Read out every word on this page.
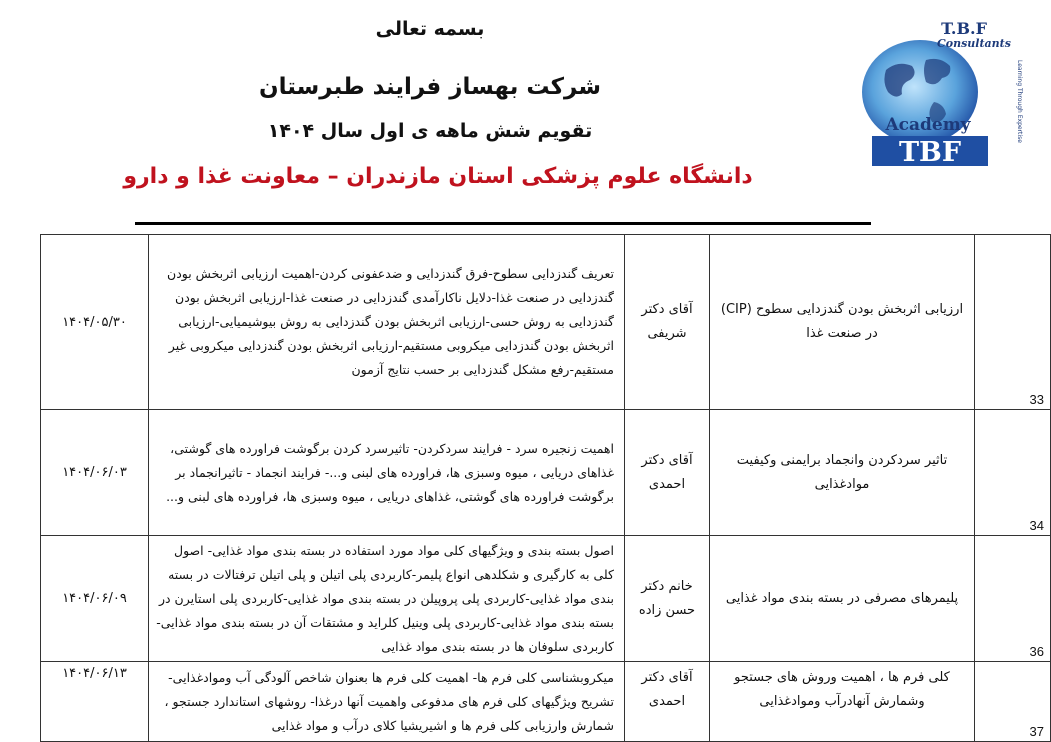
بسمه تعالی
شرکت بهساز فرایند طبرستان
تقویم شش ماهه ی اول سال ۱۴۰۴
دانشگاه علوم پزشکی استان مازندران – معاونت غذا و دارو
T.B.F
Consultants
Learning Through Expertise
Academy
TBF
۱۴۰۴/۰۵/۳۰	تعریف گندزدایی سطوح-فرق گندزدایی و ضدعفونی کردن-اهمیت ارزیابی اثربخش بودن گندزدایی در صنعت غذا-دلایل ناکارآمدی گندزدایی در صنعت غذا-ارزیابی اثربخش بودن گندزدایی به روش حسی-ارزیابی اثربخش بودن گندزدایی به روش بیوشیمیایی-ارزیابی اثربخش بودن گندزدایی میکروبی مستقیم-ارزیابی اثربخش بودن گندزدایی میکروبی غیر مستقیم-رفع مشکل گندزدایی بر حسب نتایج آزمون	آقای دکتر شریفی	ارزیابی اثربخش بودن گندزدایی سطوح (CIP) در صنعت غذا	33
۱۴۰۴/۰۶/۰۳	اهمیت زنجیره سرد - فرایند سردکردن- تاثیرسرد کردن برگوشت فراورده های گوشتی، غذاهای دریایی ، میوه وسبزی ها، فراورده های لبنی و...- فرایند انجماد - تاثیرانجماد بر برگوشت فراورده های گوشتی، غذاهای دریایی ، میوه وسبزی ها، فراورده های لبنی و...	آقای دکتر احمدی	تاثیر سردکردن وانجماد برایمنی وکیفیت موادغذایی	34
۱۴۰۴/۰۶/۰۹	اصول بسته بندی و ویژگیهای کلی مواد مورد استفاده در بسته بندی مواد غذایی- اصول کلی به کارگیری و شکلدهی انواع پلیمر-کاربردی پلی اتیلن و پلی اتیلن ترفتالات در بسته بندی مواد غذایی-کاربردی پلی پروپیلن در بسته بندی مواد غذایی-کاربردی پلی استایرن در بسته بندی مواد غذایی-کاربردی پلی وینیل کلراید و مشتقات آن در بسته بندی مواد غذایی-کاربردی سلوفان ها در بسته بندی مواد غذایی	خانم دکتر حسن زاده	پلیمرهای مصرفی در بسته بندی مواد غذایی	36
۱۴۰۴/۰۶/۱۳	میکروبشناسی کلی فرم ها- اهمیت کلی فرم ها بعنوان شاخص آلودگی آب وموادغذایی- تشریح ویژگیهای کلی فرم های مدفوعی واهمیت آنها درغذا- روشهای استاندارد جستجو ، شمارش وارزیابی کلی فرم ها و اشیریشیا کلای درآب و مواد غذایی	آقای دکتر احمدی	کلی فرم ها ، اهمیت وروش های جستجو وشمارش آنهادرآب وموادغذایی	37
